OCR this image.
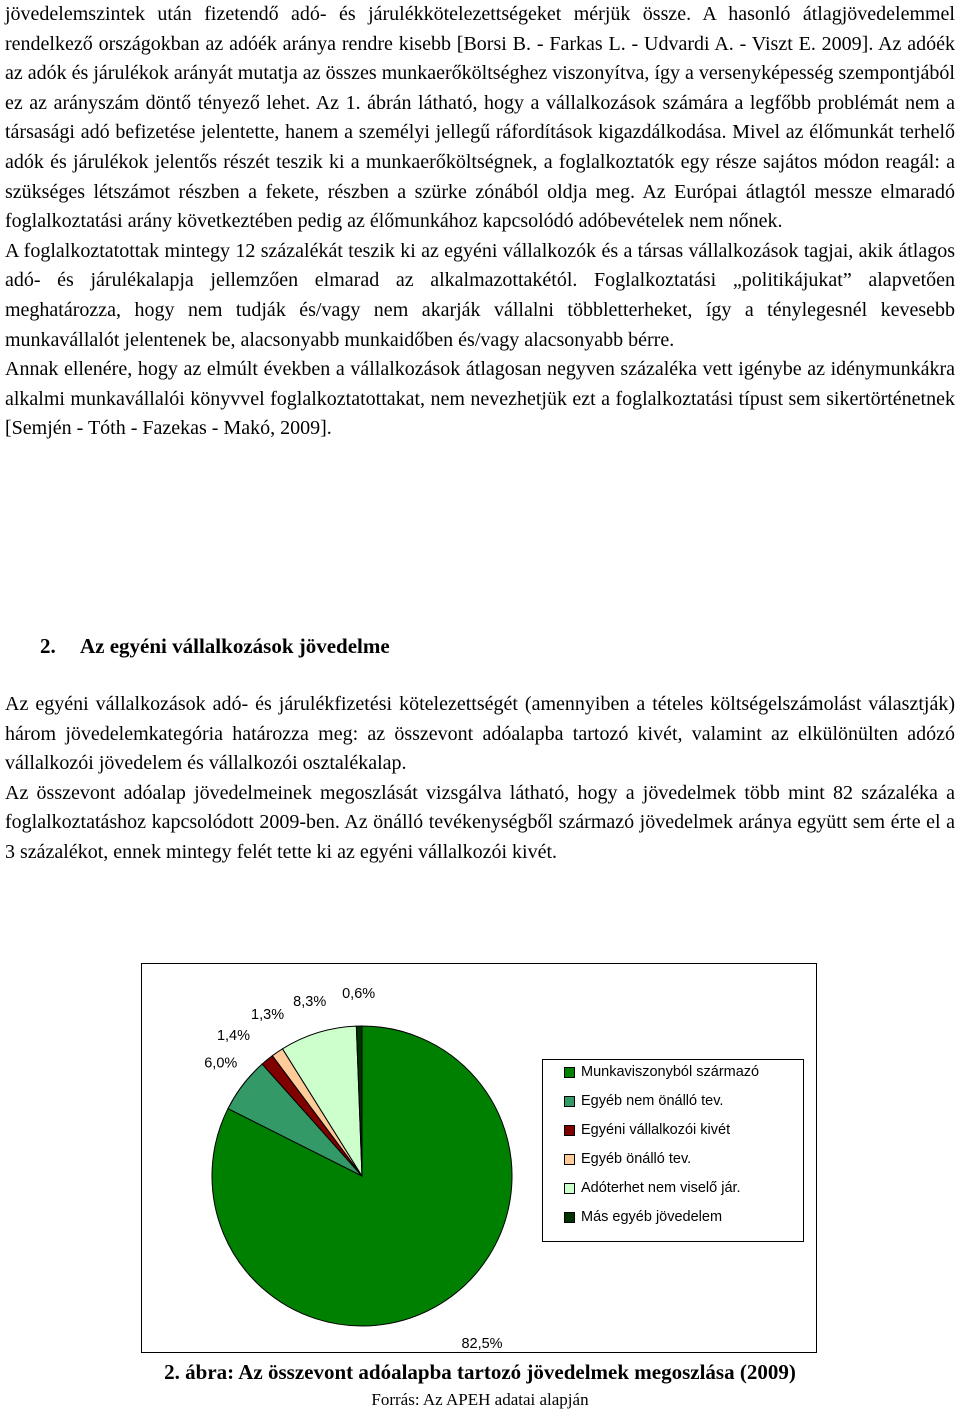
jövedelemszintek után fizetendő adó- és járulékkötelezettségeket mérjük össze. A hasonló átlagjövedelemmel rendelkező országokban az adóék aránya rendre kisebb [Borsi B. - Farkas L. - Udvardi A. - Viszt E. 2009]. Az adóék az adók és járulékok arányát mutatja az összes munkaerőköltséghez viszonyítva, így a versenyképesség szempontjából ez az arányszám döntő tényező lehet. Az 1. ábrán látható, hogy a vállalkozások számára a legfőbb problémát nem a társasági adó befizetése jelentette, hanem a személyi jellegű ráfordítások kigazdálkodása. Mivel az élőmunkát terhelő adók és járulékok jelentős részét teszik ki a munkaerőköltségnek, a foglalkoztatók egy része sajátos módon reagál: a szükséges létszámot részben a fekete, részben a szürke zónából oldja meg. Az Európai átlagtól messze elmaradó foglalkoztatási arány következtében pedig az élőmunkához kapcsolódó adóbevételek nem nőnek.

A foglalkoztatottak mintegy 12 százalékát teszik ki az egyéni vállalkozók és a társas vállalkozások tagjai, akik átlagos adó- és járulékalapja jellemzően elmarad az alkalmazottakétól. Foglalkoztatási „politikájukat” alapvetően meghatározza, hogy nem tudják és/vagy nem akarják vállalni többletterheket, így a ténylegesnél kevesebb munkavállalót jelentenek be, alacsonyabb munkaidőben és/vagy alacsonyabb bérre.

Annak ellenére, hogy az elmúlt években a vállalkozások átlagosan negyven százaléka vett igénybe az idénymunkákra alkalmi munkavállalói könyvvel foglalkoztatottakat, nem nevezhetjük ezt a foglalkoztatási típust sem sikertörténetnek [Semjén - Tóth - Fazekas - Makó, 2009].

2. Az egyéni vállalkozások jövedelme

Az egyéni vállalkozások adó- és járulékfizetési kötelezettségét (amennyiben a tételes költségelszámolást választják) három jövedelemkategória határozza meg: az összevont adóalapba tartozó kivét, valamint az elkülönülten adózó vállalkozói jövedelem és vállalkozói osztalékalap.

Az összevont adóalap jövedelmeinek megoszlását vizsgálva látható, hogy a jövedelmek több mint 82 százaléka a foglalkoztatáshoz kapcsolódott 2009-ben. Az önálló tevékenységből származó jövedelmek aránya együtt sem érte el a 3 százalékot, ennek mintegy felét tette ki az egyéni vállalkozói kivét.

82,5%
6,0%
1,4%
1,3%
8,3% 0,6%
Munkaviszonyból származó
Egyéb nem önálló tev.
Egyéni vállalkozói kivét
Egyéb önálló tev.
Adóterhet nem viselő jár.
Más egyéb jövedelem
2. ábra: Az összevont adóalapba tartozó jövedelmek megoszlása (2009)
Forrás: Az APEH adatai alapján
